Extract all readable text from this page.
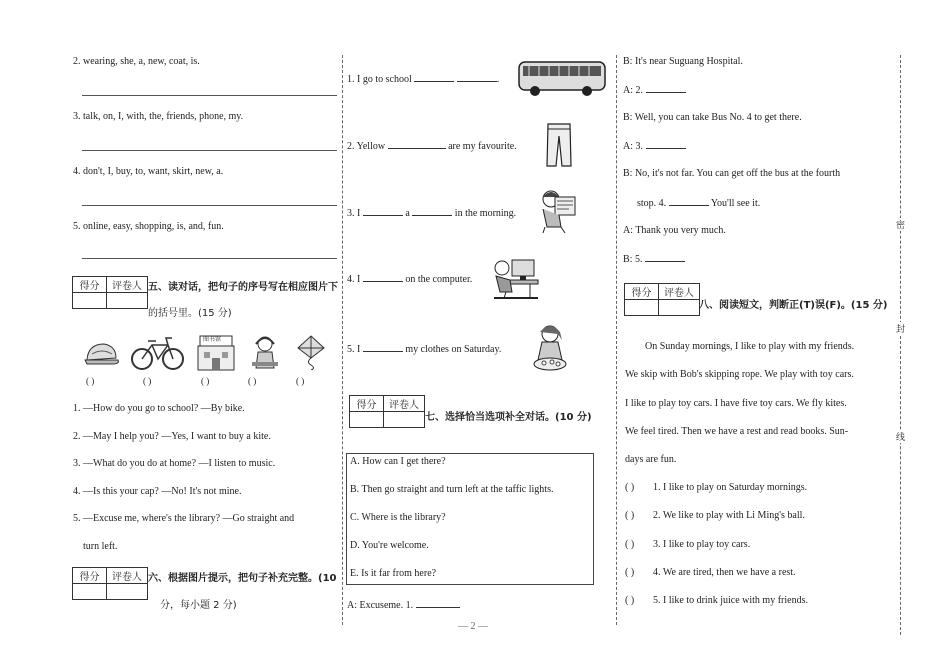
密
封
线
2. wearing, she, a, new, coat, is.
3. talk, on, I, with, the, friends, phone, my.
4. don't, I, buy, to, want, skirt, new, a.
5. online, easy, shopping, is, and, fun.
得分	评卷人
	五、读对话，把句子的序号写在相应图片下
的括号里。(15 分)
图书馆
( )	( )	( )	( )	( )
1. —How do you go to school? —By bike.
2. —May I help you? —Yes, I want to buy a kite.
3. —What do you do at home? —I listen to music.
4. —Is this your cap? —No! It's not mine.
5. —Excuse me, where's the library? —Go straight and
turn left.
得分	评卷人
	六、根据图片提示，把句子补充完整。(10
分，每小题 2 分)
1. I go to school	.
2. Yellow	are my favourite.
3. I	a	in the morning.
4. I	on the computer.
5. I	my clothes on Saturday.
得分	评卷人

七、选择恰当选项补全对话。(10 分)
A. How can I get there?
B. Then go straight and turn left at the taffic lights.
C. Where is the library?
D. You're welcome.
E. Is it far from here?
A: Excuseme. 1.
— 2 —
B: It's near Suguang Hospital.
A: 2.
B: Well, you can take Bus No. 4 to get there.
A: 3.
B: No, it's not far. You can get off the bus at the fourth
stop. 4.	You'll see it.
A: Thank you very much.
B: 5.
得分	评卷人

八、阅读短文，判断正(T)误(F)。(15 分)
On Sunday mornings, I like to play with my friends.
We skip with Bob's skipping rope. We play with toy cars.
I like to play toy cars. I have five toy cars. We fly kites.
We feel tired. Then we have a rest and read books. Sun-
days are fun.
( ) 1. I like to play on Saturday mornings.
( ) 2. We like to play with Li Ming's ball.
( ) 3. I like to play toy cars.
( ) 4. We are tired, then we have a rest.
( ) 5. I like to drink juice with my friends.
